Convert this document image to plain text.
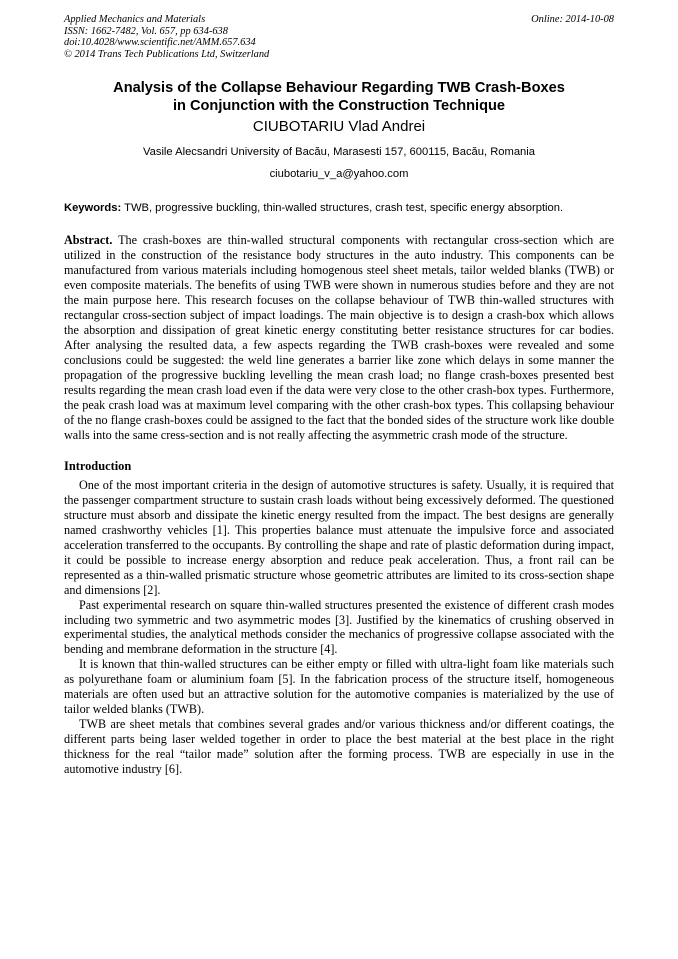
Applied Mechanics and Materials
ISSN: 1662-7482, Vol. 657, pp 634-638
doi:10.4028/www.scientific.net/AMM.657.634
© 2014 Trans Tech Publications Ltd, Switzerland
Online: 2014-10-08
Analysis of the Collapse Behaviour Regarding TWB Crash-Boxes
in Conjunction with the Construction Technique
CIUBOTARIU Vlad Andrei
Vasile Alecsandri University of Bacău, Marasesti 157, 600115, Bacău, Romania
ciubotariu_v_a@yahoo.com
Keywords: TWB, progressive buckling, thin-walled structures, crash test, specific energy absorption.
Abstract. The crash-boxes are thin-walled structural components with rectangular cross-section which are utilized in the construction of the resistance body structures in the auto industry. This components can be manufactured from various materials including homogenous steel sheet metals, tailor welded blanks (TWB) or even composite materials. The benefits of using TWB were shown in numerous studies before and they are not the main purpose here. This research focuses on the collapse behaviour of TWB thin-walled structures with rectangular cross-section subject of impact loadings. The main objective is to design a crash-box which allows the absorption and dissipation of great kinetic energy constituting better resistance structures for car bodies. After analysing the resulted data, a few aspects regarding the TWB crash-boxes were revealed and some conclusions could be suggested: the weld line generates a barrier like zone which delays in some manner the propagation of the progressive buckling levelling the mean crash load; no flange crash-boxes presented best results regarding the mean crash load even if the data were very close to the other crash-box types. Furthermore, the peak crash load was at maximum level comparing with the other crash-box types. This collapsing behaviour of the no flange crash-boxes could be assigned to the fact that the bonded sides of the structure work like double walls into the same cress-section and is not really affecting the asymmetric crash mode of the structure.
Introduction

One of the most important criteria in the design of automotive structures is safety. Usually, it is required that the passenger compartment structure to sustain crash loads without being excessively deformed. The questioned structure must absorb and dissipate the kinetic energy resulted from the impact. The best designs are generally named crashworthy vehicles [1]. This properties balance must attenuate the impulsive force and associated acceleration transferred to the occupants. By controlling the shape and rate of plastic deformation during impact, it could be possible to increase energy absorption and reduce peak acceleration. Thus, a front rail can be represented as a thin-walled prismatic structure whose geometric attributes are limited to its cross-section shape and dimensions [2].

Past experimental research on square thin-walled structures presented the existence of different crash modes including two symmetric and two asymmetric modes [3]. Justified by the kinematics of crushing observed in experimental studies, the analytical methods consider the mechanics of progressive collapse associated with the bending and membrane deformation in the structure [4].

It is known that thin-walled structures can be either empty or filled with ultra-light foam like materials such as polyurethane foam or aluminium foam [5]. In the fabrication process of the structure itself, homogeneous materials are often used but an attractive solution for the automotive companies is materialized by the use of tailor welded blanks (TWB).

TWB are sheet metals that combines several grades and/or various thickness and/or different coatings, the different parts being laser welded together in order to place the best material at the best place in the right thickness for the real “tailor made” solution after the forming process. TWB are especially in use in the automotive industry [6].
